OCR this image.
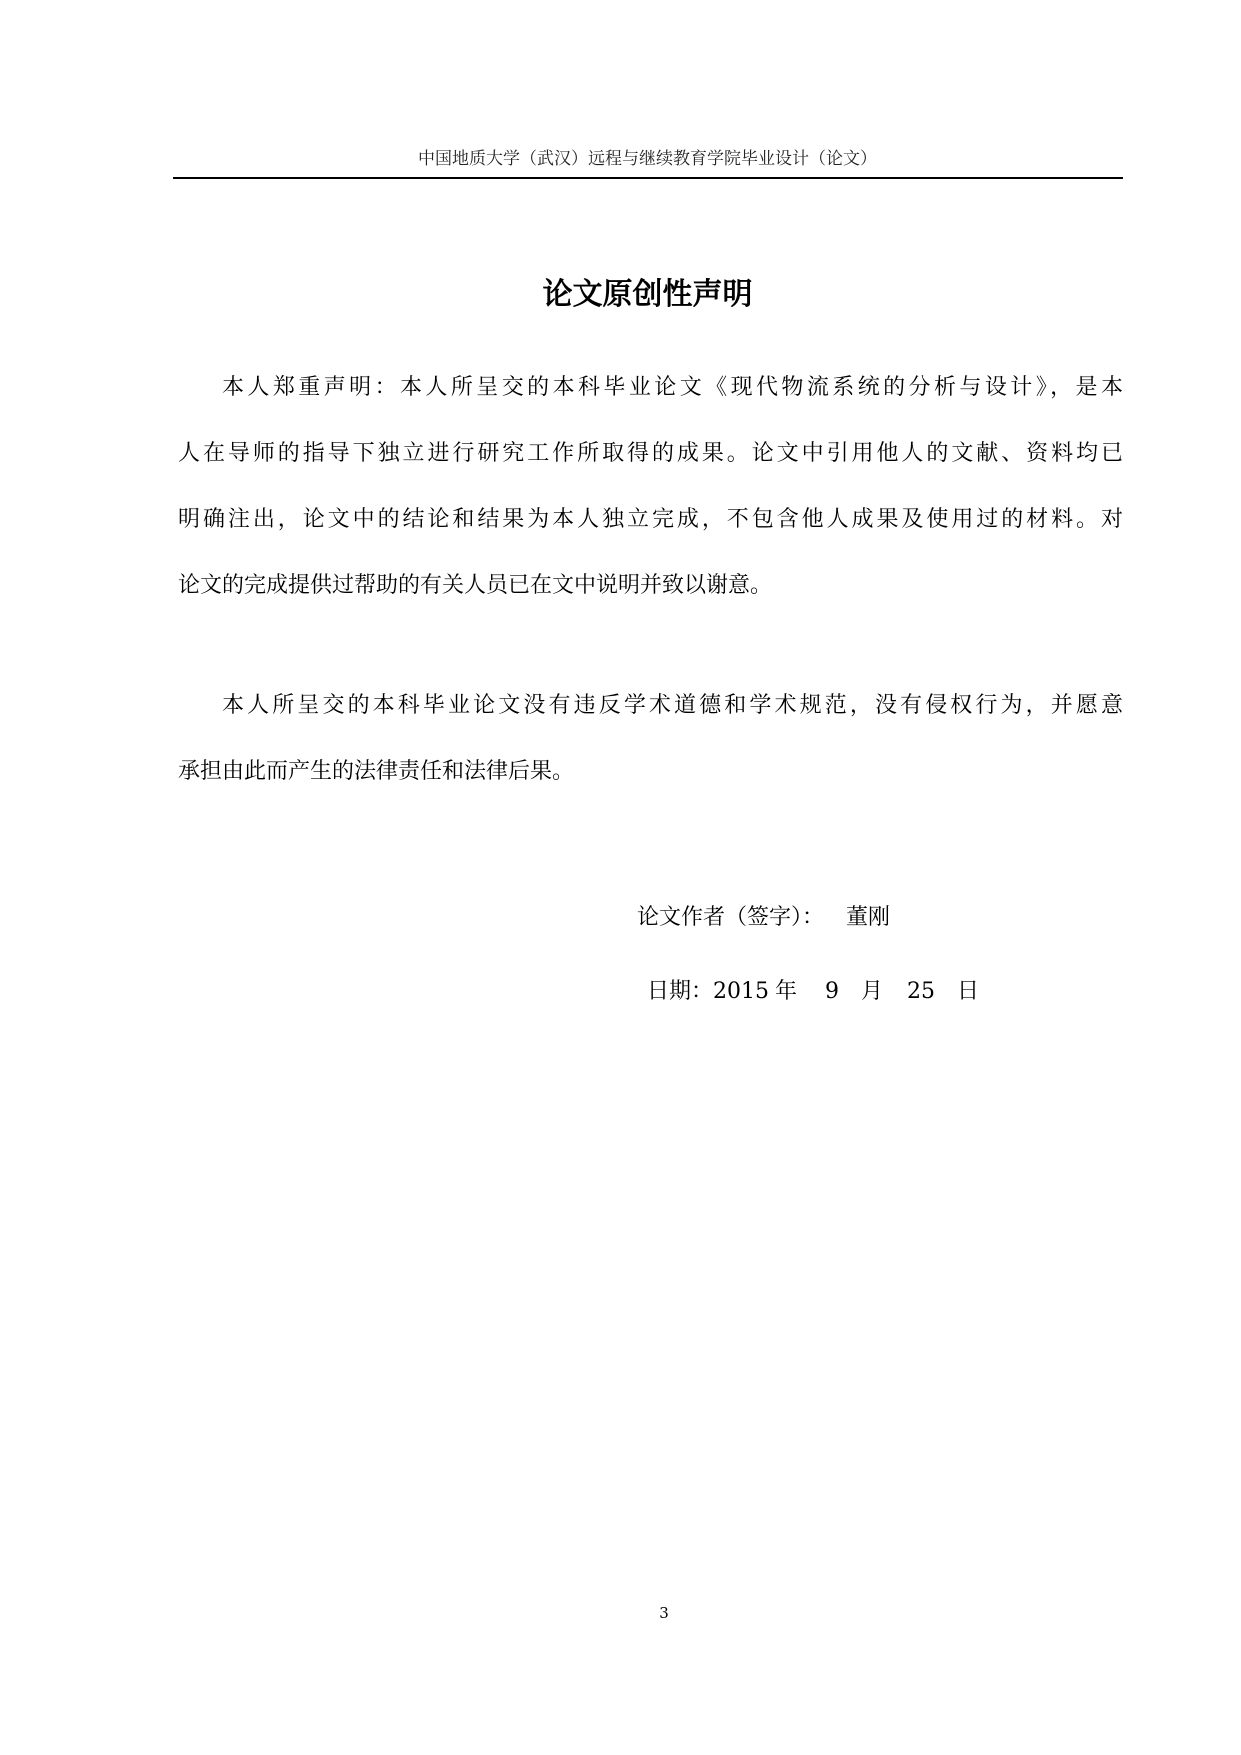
中国地质大学（武汉）远程与继续教育学院毕业设计（论文）
论文原创性声明
本人郑重声明：本人所呈交的本科毕业论文《现代物流系统的分析与设计》，是本
人在导师的指导下独立进行研究工作所取得的成果。论文中引用他人的文献、资料均已
明确注出，论文中的结论和结果为本人独立完成，不包含他人成果及使用过的材料。对
论文的完成提供过帮助的有关人员已在文中说明并致以谢意。
本人所呈交的本科毕业论文没有违反学术道德和学术规范，没有侵权行为，并愿意
承担由此而产生的法律责任和法律后果。
论文作者（签字）： 董刚
日期：2015 年 9 月 25 日
3
